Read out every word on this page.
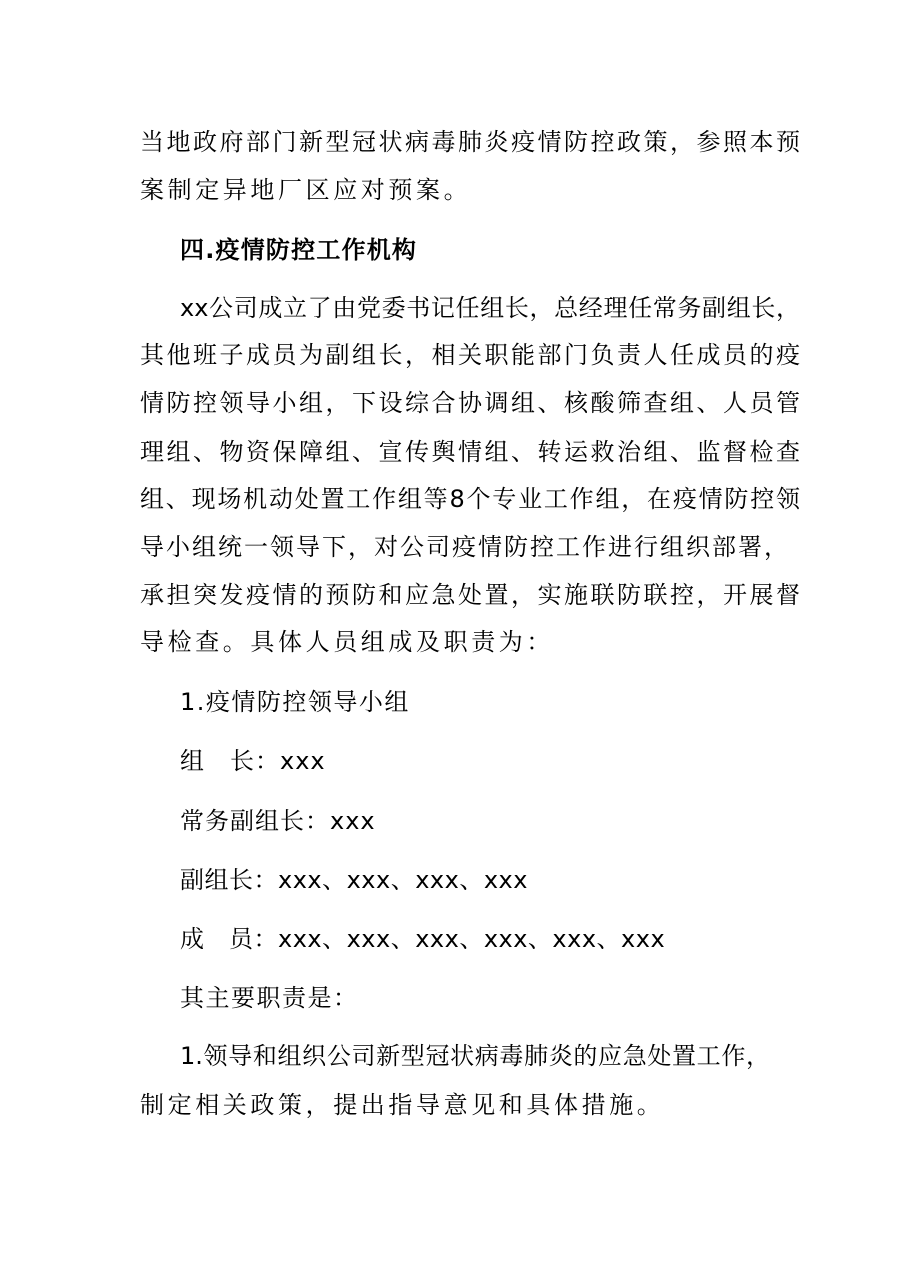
当地政府部门新型冠状病毒肺炎疫情防控政策，参照本预
案制定异地厂区应对预案。
四.疫情防控工作机构
xx公司成立了由党委书记任组长，总经理任常务副组长，
其他班子成员为副组长，相关职能部门负责人任成员的疫
情防控领导小组，下设综合协调组、核酸筛查组、人员管
理组、物资保障组、宣传舆情组、转运救治组、监督检查
组、现场机动处置工作组等8个专业工作组，在疫情防控领
导小组统一领导下，对公司疫情防控工作进行组织部署，
承担突发疫情的预防和应急处置，实施联防联控，开展督
导检查。具体人员组成及职责为：
1.疫情防控领导小组
组　长：xxx
常务副组长：xxx
副组长：xxx、xxx、xxx、xxx
成　员：xxx、xxx、xxx、xxx、xxx、xxx
其主要职责是：
1.领导和组织公司新型冠状病毒肺炎的应急处置工作，
制定相关政策，提出指导意见和具体措施。
